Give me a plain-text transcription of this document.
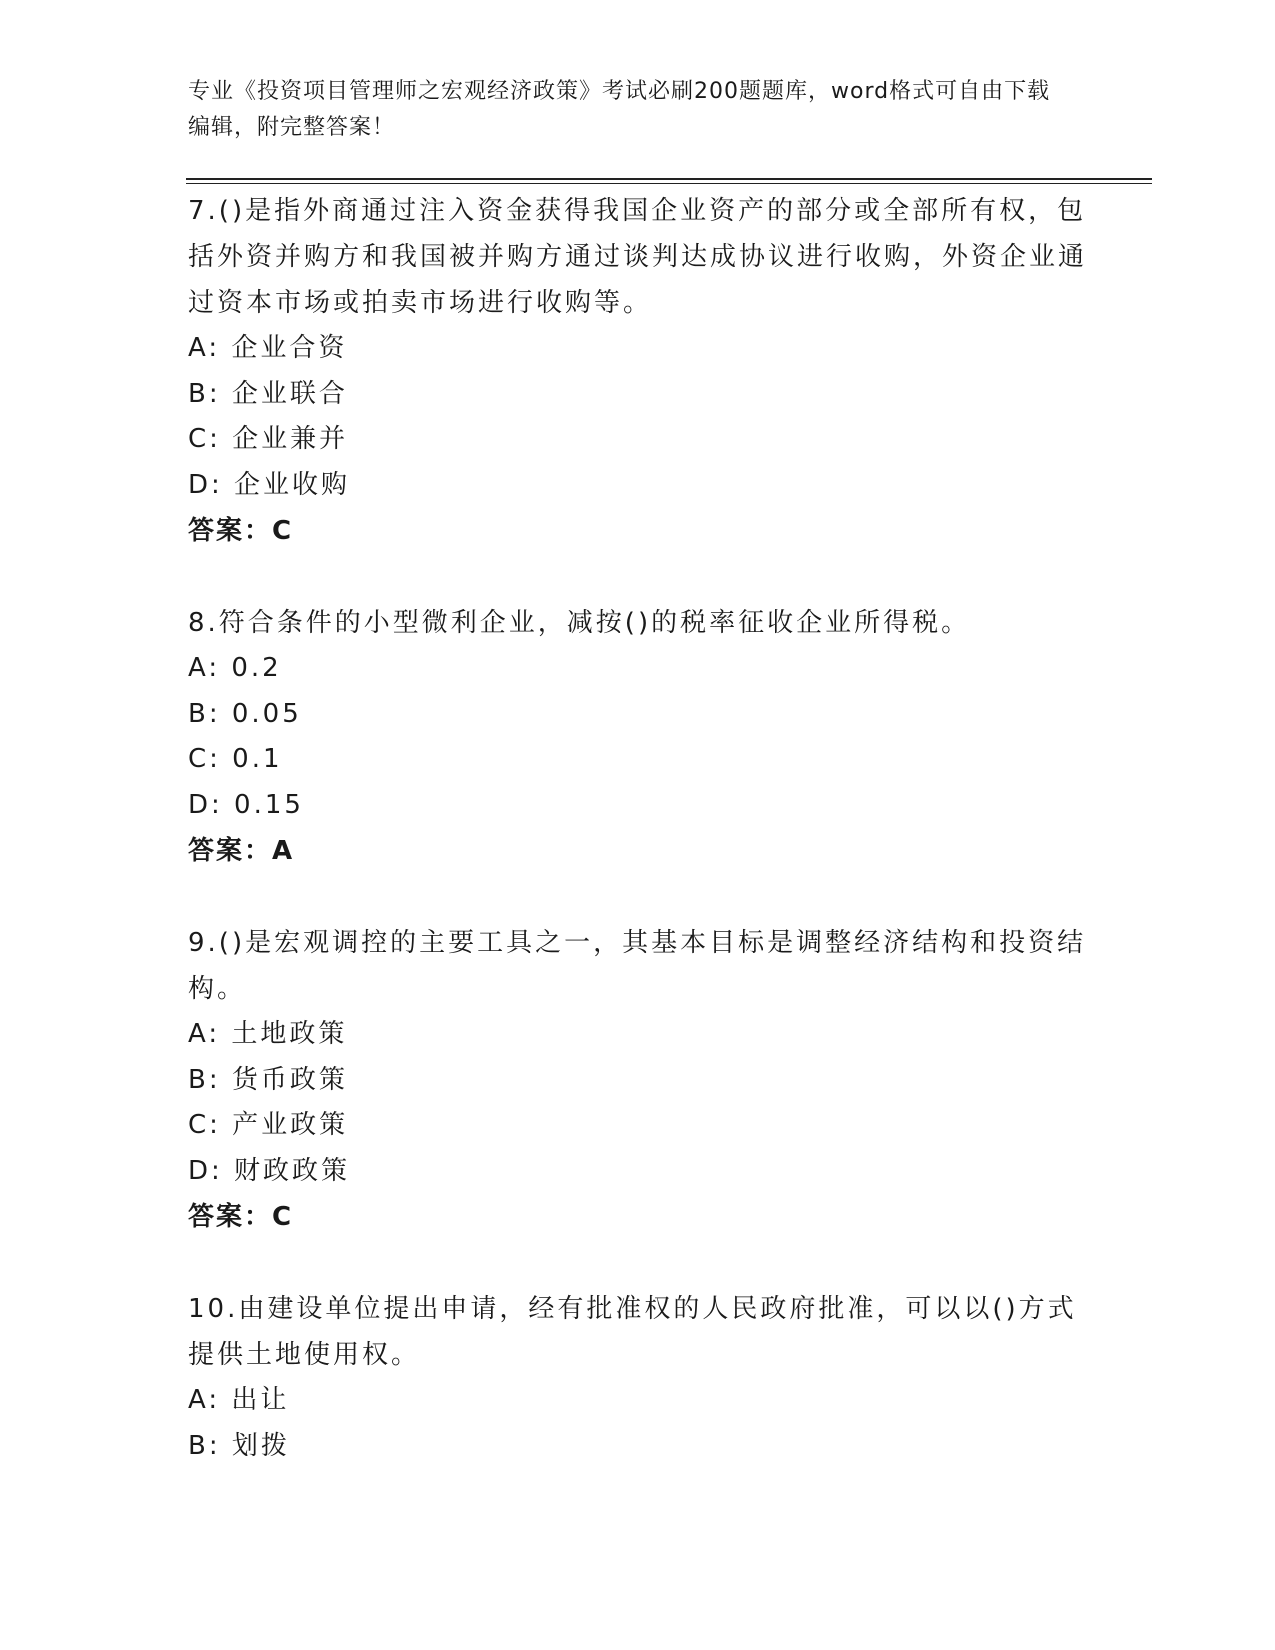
专业《投资项目管理师之宏观经济政策》考试必刷200题题库，word格式可自由下载编辑，附完整答案！

7.()是指外商通过注入资金获得我国企业资产的部分或全部所有权，包括外资并购方和我国被并购方通过谈判达成协议进行收购，外资企业通过资本市场或拍卖市场进行收购等。

A: 企业合资

B: 企业联合

C: 企业兼并

D: 企业收购

答案：C

8.符合条件的小型微利企业，减按()的税率征收企业所得税。

A: 0.2

B: 0.05

C: 0.1

D: 0.15

答案：A

9.()是宏观调控的主要工具之一，其基本目标是调整经济结构和投资结构。

A: 土地政策

B: 货币政策

C: 产业政策

D: 财政政策

答案：C

10.由建设单位提出申请，经有批准权的人民政府批准，可以以()方式提供土地使用权。

A: 出让

B: 划拨
